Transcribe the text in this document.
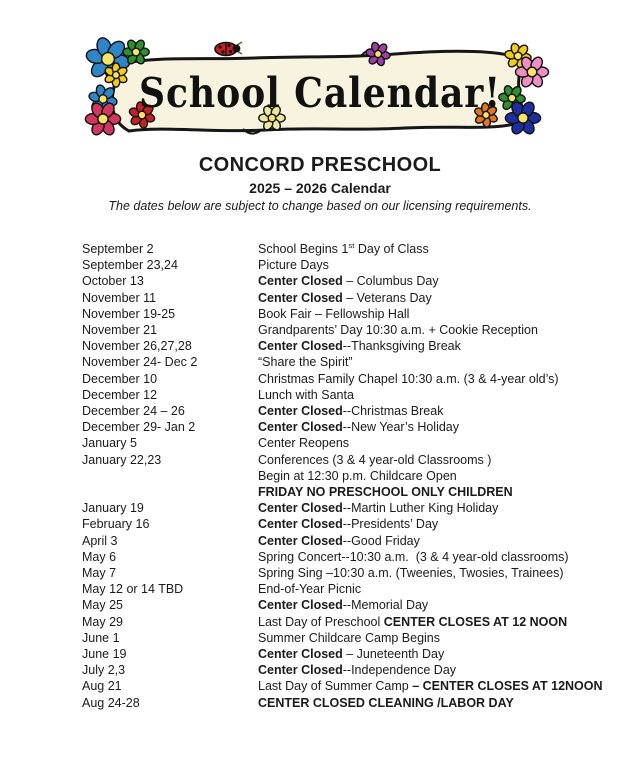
School Calendar!
CONCORD PRESCHOOL
2025 – 2026 Calendar

The dates below are subject to change based on our licensing requirements.

September 2	School Begins 1st Day of Class
September 23,24	Picture Days
October 13	Center Closed – Columbus Day
November 11	Center Closed – Veterans Day
November 19-25	Book Fair – Fellowship Hall
November 21	Grandparents’ Day 10:30 a.m. + Cookie Reception
November 26,27,28	Center Closed--Thanksgiving Break
November 24- Dec 2	“Share the Spirit”
December 10	Christmas Family Chapel 10:30 a.m. (3 & 4-year old’s)
December 12	Lunch with Santa
December 24 – 26	Center Closed--Christmas Break
December 29- Jan 2	Center Closed--New Year’s Holiday
January 5	Center Reopens
January 22,23	Conferences (3 & 4 year-old Classrooms )
Begin at 12:30 p.m. Childcare Open
FRIDAY NO PRESCHOOL ONLY CHILDREN
January 19	Center Closed--Martin Luther King Holiday
February 16	Center Closed--Presidents’ Day
April 3	Center Closed--Good Friday
May 6	Spring Concert--10:30 a.m.  (3 & 4 year-old classrooms)
May 7	Spring Sing –10:30 a.m. (Tweenies, Twosies, Trainees)
May 12 or 14 TBD	End-of-Year Picnic
May 25	Center Closed--Memorial Day
May 29	Last Day of Preschool CENTER CLOSES AT 12 NOON
June 1	Summer Childcare Camp Begins
June 19	Center Closed – Juneteenth Day
July 2,3	Center Closed--Independence Day
Aug 21	Last Day of Summer Camp – CENTER CLOSES AT 12NOON
Aug 24-28	CENTER CLOSED CLEANING /LABOR DAY
